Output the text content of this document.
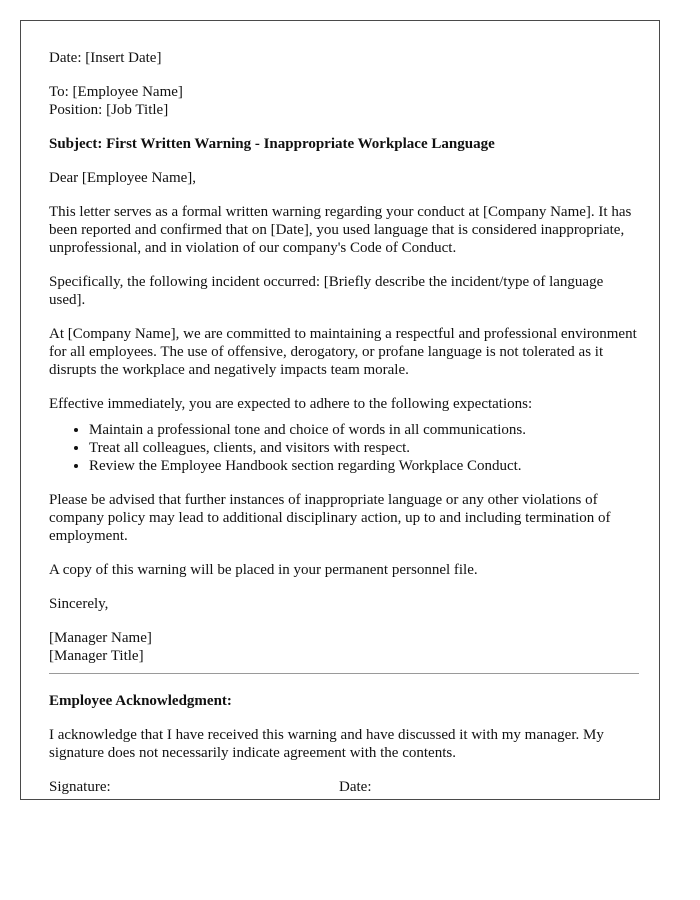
Date: [Insert Date]

To: [Employee Name]
Position: [Job Title]

Subject: First Written Warning - Inappropriate Workplace Language

Dear [Employee Name],

This letter serves as a formal written warning regarding your conduct at [Company Name]. It has been reported and confirmed that on [Date], you used language that is considered inappropriate, unprofessional, and in violation of our company's Code of Conduct.

Specifically, the following incident occurred: [Briefly describe the incident/type of language used].

At [Company Name], we are committed to maintaining a respectful and professional environment for all employees. The use of offensive, derogatory, or profane language is not tolerated as it disrupts the workplace and negatively impacts team morale.

Effective immediately, you are expected to adhere to the following expectations:

• Maintain a professional tone and choice of words in all communications.
• Treat all colleagues, clients, and visitors with respect.
• Review the Employee Handbook section regarding Workplace Conduct.

Please be advised that further instances of inappropriate language or any other violations of company policy may lead to additional disciplinary action, up to and including termination of employment.

A copy of this warning will be placed in your permanent personnel file.

Sincerely,

[Manager Name]
[Manager Title]

Employee Acknowledgment:

I acknowledge that I have received this warning and have discussed it with my manager. My signature does not necessarily indicate agreement with the contents.

Signature:	Date:
